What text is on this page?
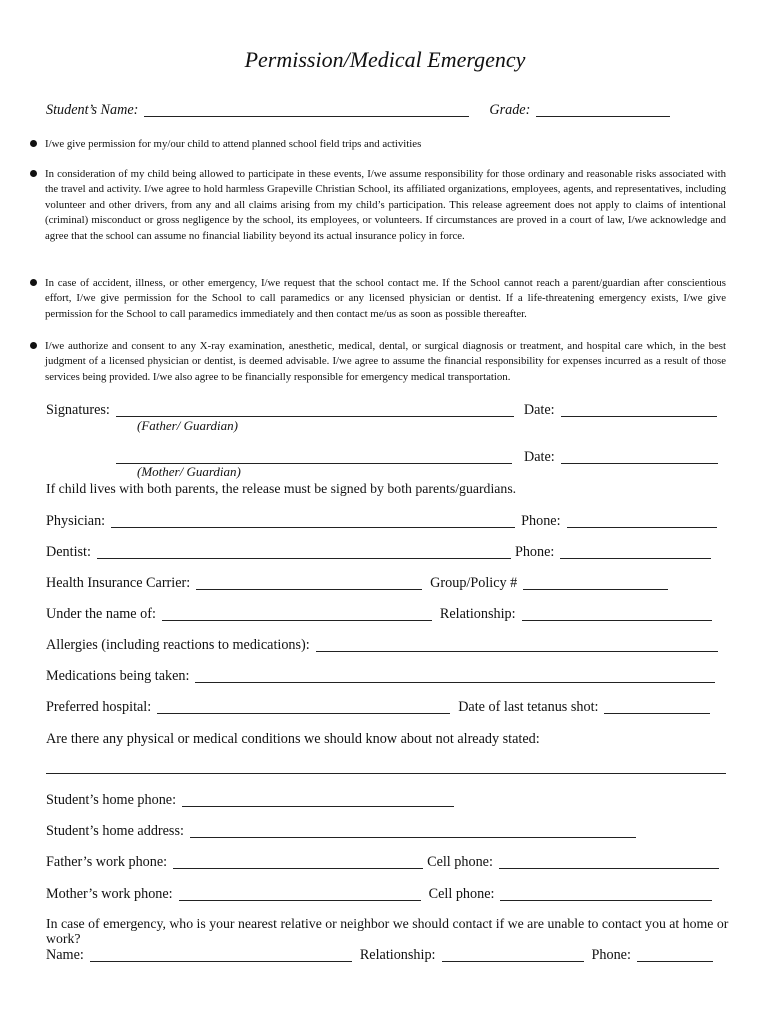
Permission/Medical Emergency
Student’s Name:	Grade:
I/we give permission for my/our child to attend planned school field trips and activities
In consideration of my child being allowed to participate in these events, I/we assume responsibility for those ordinary and reasonable risks associated with the travel and activity. I/we agree to hold harmless Grapeville Christian School, its affiliated organizations, employees, agents, and representatives, including volunteer and other drivers, from any and all claims arising from my child’s participation. This release agreement does not apply to claims of intentional (criminal) misconduct or gross negligence by the school, its employees, or volunteers. If circumstances are proved in a court of law, I/we acknowledge and agree that the school can assume no financial liability beyond its actual insurance policy in force.
In case of accident, illness, or other emergency, I/we request that the school contact me. If the School cannot reach a parent/guardian after conscientious effort, I/we give permission for the School to call paramedics or any licensed physician or dentist. If a life-threatening emergency exists, I/we give permission for the School to call paramedics immediately and then contact me/us as soon as possible thereafter.
I/we authorize and consent to any X-ray examination, anesthetic, medical, dental, or surgical diagnosis or treatment, and hospital care which, in the best judgment of a licensed physician or dentist, is deemed advisable. I/we agree to assume the financial responsibility for expenses incurred as a result of those services being provided. I/we also agree to be financially responsible for emergency medical transportation.
Signatures:	Date:
(Father/ Guardian)
Date:
(Mother/ Guardian)
If child lives with both parents, the release must be signed by both parents/guardians.
Physician:	Phone:
Dentist:	Phone:
Health Insurance Carrier:	Group/Policy #
Under the name of:	Relationship:
Allergies (including reactions to medications):
Medications being taken:
Preferred hospital:	Date of last tetanus shot:
Are there any physical or medical conditions we should know about not already stated:
Student’s home phone:
Student’s home address:
Father’s work phone:	Cell phone:
Mother’s work phone:	Cell phone:
In case of emergency, who is your nearest relative or neighbor we should contact if we are unable to contact you at home or work?
Name:	Relationship:	Phone:
